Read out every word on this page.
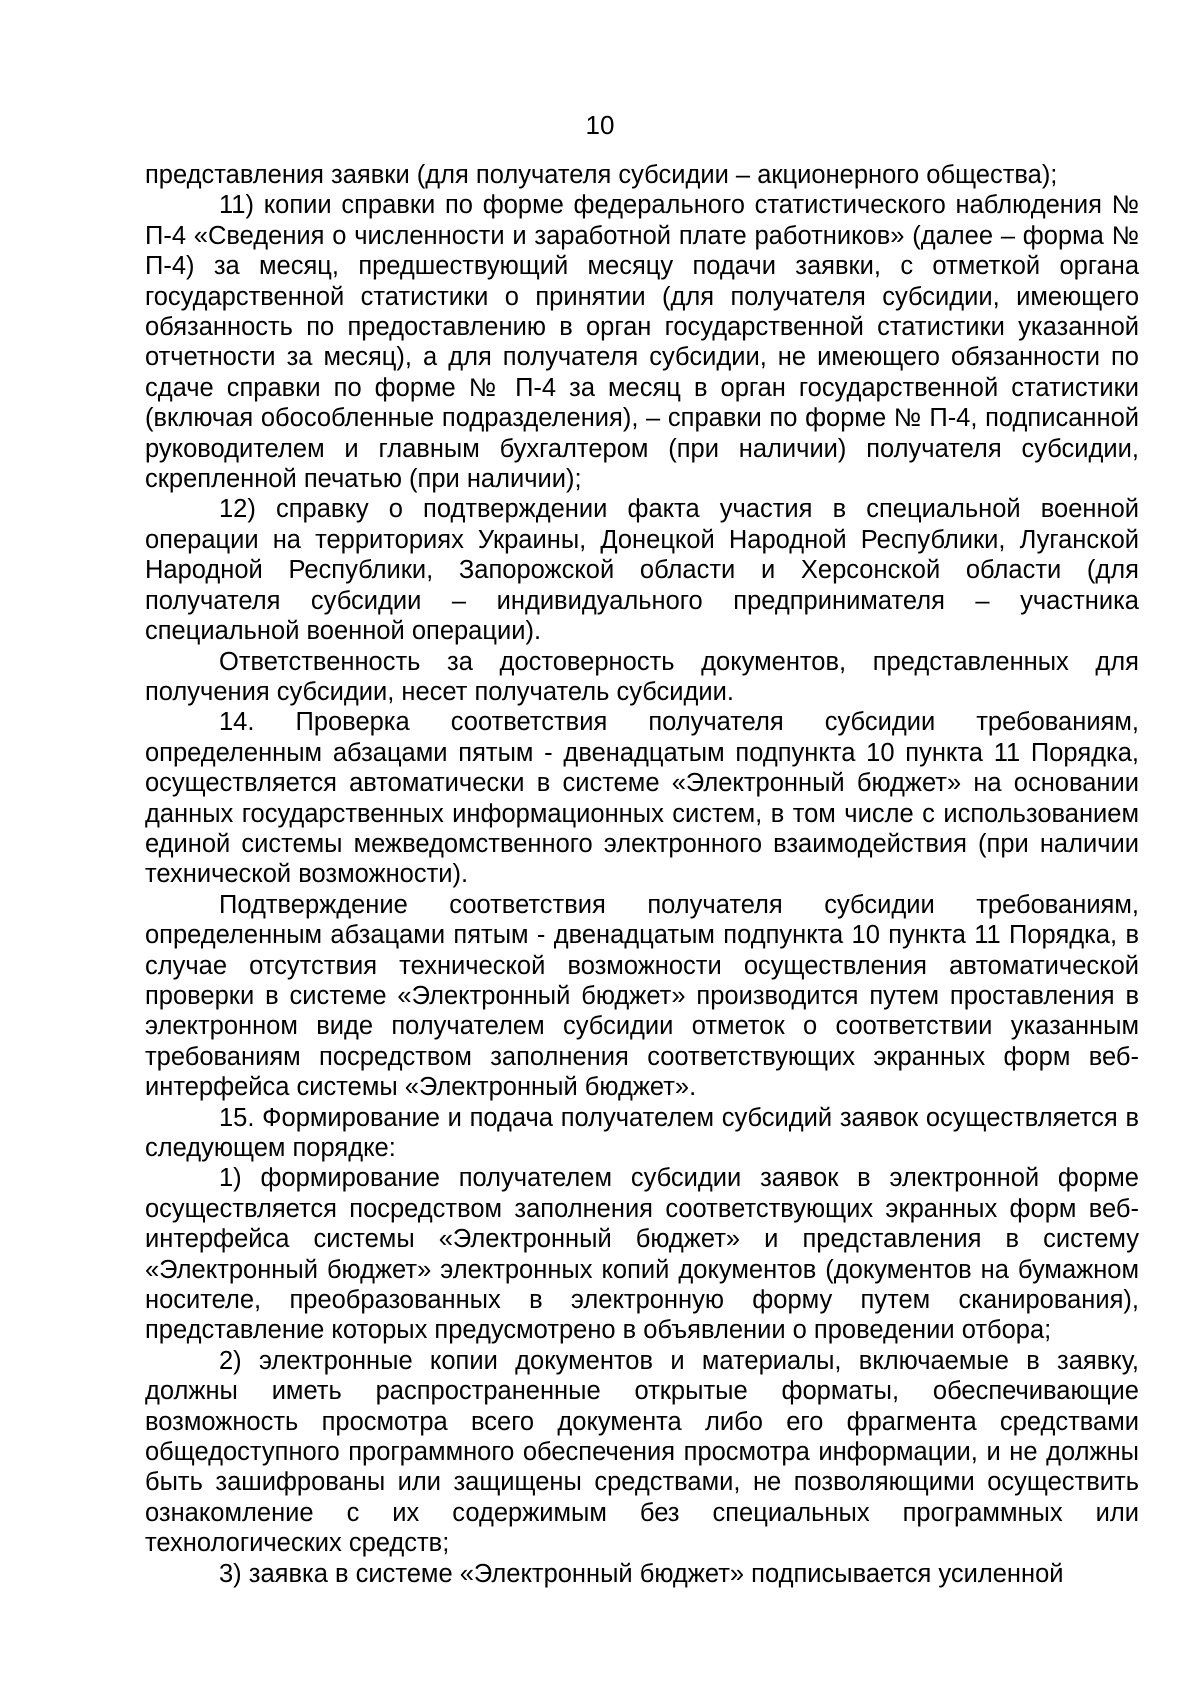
10

представления заявки (для получателя субсидии – акционерного общества);

11) копии справки по форме федерального статистического наблюдения № П-4 «Сведения о численности и заработной плате работников» (далее – форма № П-4) за месяц, предшествующий месяцу подачи заявки, с отметкой органа государственной статистики о принятии (для получателя субсидии, имеющего обязанность по предоставлению в орган государственной статистики указанной отчетности за месяц), а для получателя субсидии, не имеющего обязанности по сдаче справки по форме № П-4 за месяц в орган государственной статистики (включая обособленные подразделения), – справки по форме № П-4, подписанной руководителем и главным бухгалтером (при наличии) получателя субсидии, скрепленной печатью (при наличии);

12) справку о подтверждении факта участия в специальной военной операции на территориях Украины, Донецкой Народной Республики, Луганской Народной Республики, Запорожской области и Херсонской области (для получателя субсидии – индивидуального предпринимателя – участника специальной военной операции).

Ответственность за достоверность документов, представленных для получения субсидии, несет получатель субсидии.

14. Проверка соответствия получателя субсидии требованиям, определенным абзацами пятым - двенадцатым подпункта 10 пункта 11 Порядка, осуществляется автоматически в системе «Электронный бюджет» на основании данных государственных информационных систем, в том числе с использованием единой системы межведомственного электронного взаимодействия (при наличии технической возможности).

Подтверждение соответствия получателя субсидии требованиям, определенным абзацами пятым - двенадцатым подпункта 10 пункта 11 Порядка, в случае отсутствия технической возможности осуществления автоматической проверки в системе «Электронный бюджет» производится путем проставления в электронном виде получателем субсидии отметок о соответствии указанным требованиям посредством заполнения соответствующих экранных форм веб-интерфейса системы «Электронный бюджет».

15. Формирование и подача получателем субсидий заявок осуществляется в следующем порядке:

1) формирование получателем субсидии заявок в электронной форме осуществляется посредством заполнения соответствующих экранных форм веб-интерфейса системы «Электронный бюджет» и представления в систему «Электронный бюджет» электронных копий документов (документов на бумажном носителе, преобразованных в электронную форму путем сканирования), представление которых предусмотрено в объявлении о проведении отбора;

2) электронные копии документов и материалы, включаемые в заявку, должны иметь распространенные открытые форматы, обеспечивающие возможность просмотра всего документа либо его фрагмента средствами общедоступного программного обеспечения просмотра информации, и не должны быть зашифрованы или защищены средствами, не позволяющими осуществить ознакомление с их содержимым без специальных программных или технологических средств;

3) заявка в системе «Электронный бюджет» подписывается усиленной
